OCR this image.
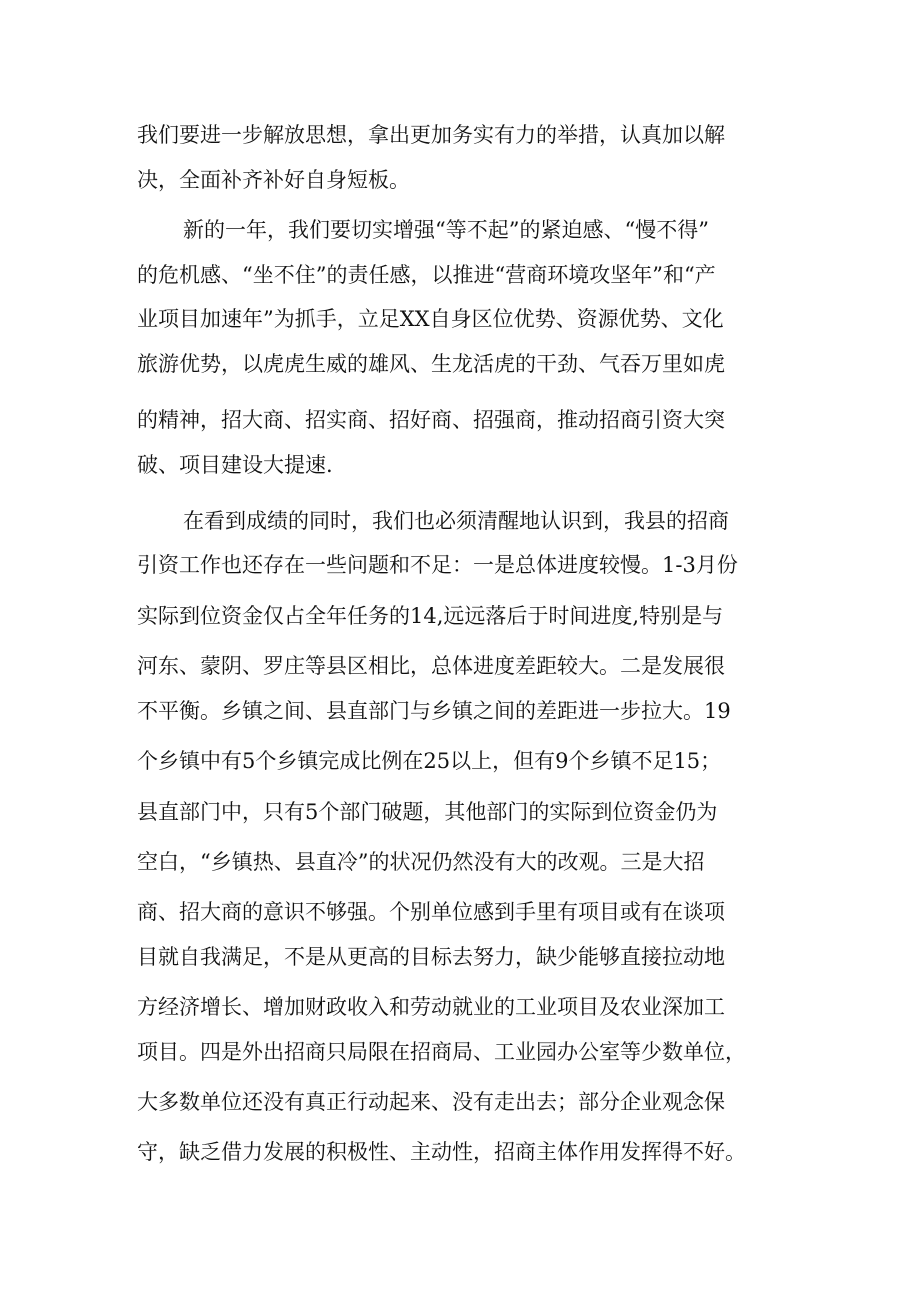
我们要进一步解放思想，拿出更加务实有力的举措，认真加以解
决，全面补齐补好自身短板。
新的一年，我们要切实增强“等不起”的紧迫感、“慢不得”
的危机感、“坐不住”的责任感，以推进“营商环境攻坚年”和“产
业项目加速年”为抓手，立足XX自身区位优势、资源优势、文化
旅游优势，以虎虎生威的雄风、生龙活虎的干劲、气吞万里如虎
的精神，招大商、招实商、招好商、招强商，推动招商引资大突
破、项目建设大提速.
在看到成绩的同时，我们也必须清醒地认识到，我县的招商
引资工作也还存在一些问题和不足：一是总体进度较慢。1-3月份
实际到位资金仅占全年任务的14,远远落后于时间进度,特别是与
河东、蒙阴、罗庄等县区相比，总体进度差距较大。二是发展很
不平衡。乡镇之间、县直部门与乡镇之间的差距进一步拉大。19
个乡镇中有5个乡镇完成比例在25以上，但有9个乡镇不足15；
县直部门中，只有5个部门破题，其他部门的实际到位资金仍为
空白，“乡镇热、县直冷”的状况仍然没有大的改观。三是大招
商、招大商的意识不够强。个别单位感到手里有项目或有在谈项
目就自我满足，不是从更高的目标去努力，缺少能够直接拉动地
方经济增长、增加财政收入和劳动就业的工业项目及农业深加工
项目。四是外出招商只局限在招商局、工业园办公室等少数单位，
大多数单位还没有真正行动起来、没有走出去；部分企业观念保
守，缺乏借力发展的积极性、主动性，招商主体作用发挥得不好。
